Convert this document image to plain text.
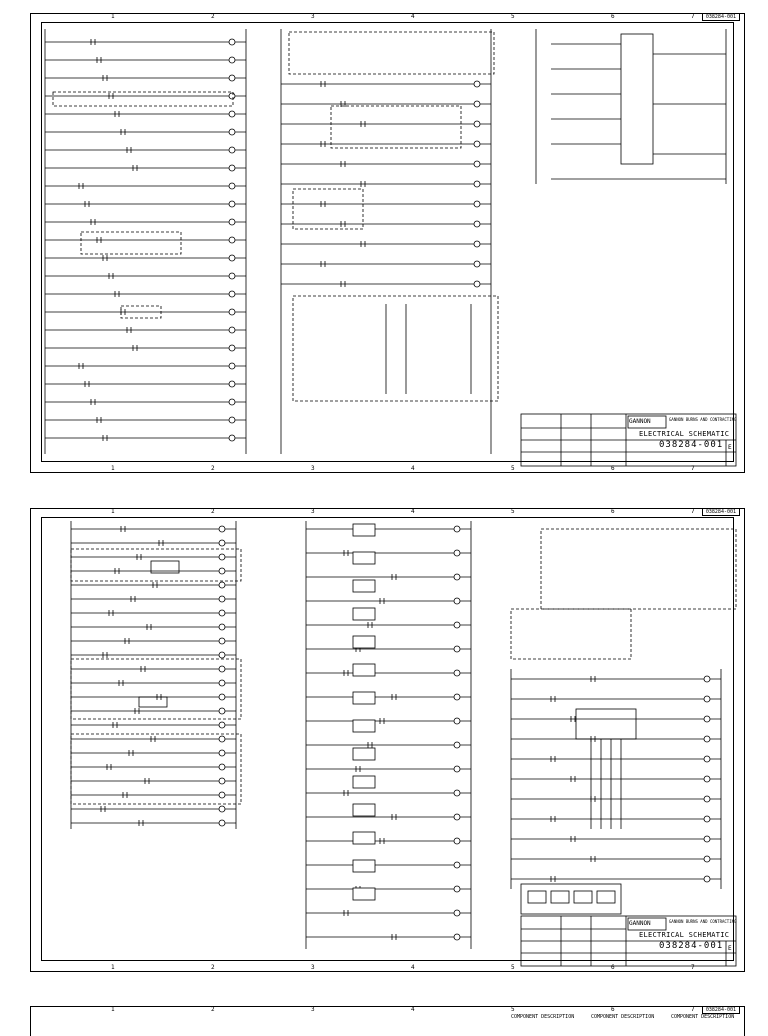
038284-001
1	2	3	4	5	6	7
1	2	3	4	5	6	7
GANNON	GANNON BURNS AND CONTRACTING
ELECTRICAL SCHEMATIC
038284-001 E
038284-001
1	2	3	4	5	6	7
1	2	3	4	5	6	7
GANNON	GANNON BURNS AND CONTRACTING
ELECTRICAL SCHEMATIC
038284-001 E
038284-001
1	2	3	4	5	6	7
COMPONENT DESCRIPTION	COMPONENT DESCRIPTION	COMPONENT DESCRIPTION
